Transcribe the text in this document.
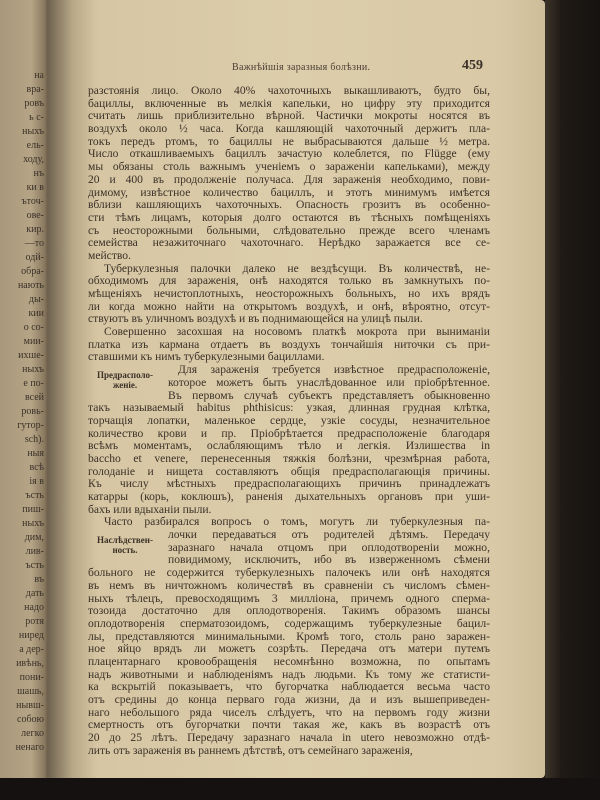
на
вра-
ровъ
ь с-
ныхъ
ель-
ходу,
нъ
ки в
ъточ-
ове-
кир.
—то
одй-
обра-
нають
ды-
кии
о со-
мии-
ихше-
ныхъ
е по-
всей
ровь-
гутор-
sch).
ныя
всѣ
ія в
ъсть
пиш-
ныхъ
дим,
лив-
ъсть
въ
дать
надо
ротя
ниред
а дер-
ивѣнь,
пони-
шашь,
нывш-
собою
легко
ненаго
Важнѣйшія заразныя болѣзни.	459
разстоянія лицо. Около 40% чахоточныхъ выкашливаютъ, будто бы,
бациллы, включенные въ мелкія капельки, но цифру эту приходится
считать лишь приблизительно вѣрной. Частички мокроты носятся въ
воздухѣ около ½ часа. Когда кашляющій чахоточный держитъ пла-
токъ передъ ртомъ, то бациллы не выбрасываются дальше ½ метра.
Число откашливаемыхъ бациллъ зачастую колеблется, по Flügge (ему
мы обязаны столь важнымъ ученіемъ о зараженіи капельками), между
20 и 400 въ продолженіе получаса. Для зараженія необходимо, пови-
димому, извѣстное количество бациллъ, и этотъ минимумъ имѣется
вблизи кашляющихъ чахоточныхъ. Опасность грозитъ въ особенно-
сти тѣмъ лицамъ, которыя долго остаются въ тѣсныхъ помѣщеніяхъ
съ неосторожными больными, слѣдовательно прежде всего членамъ
семейства незажиточнаго чахоточнаго. Нерѣдко заражается все се-
мейство.
Туберкулезныя палочки далеко не вездѣсущи. Въ количествѣ, не-
обходимомъ для зараженія, онѣ находятся только въ замкнутыхъ по-
мѣщеніяхъ нечистоплотныхъ, неосторожныхъ больныхъ, но ихъ врядъ
ли когда можно найти на открытомъ воздухѣ, и онѣ, вѣроятно, отсут-
ствуютъ въ уличномъ воздухѣ и въ поднимающейся на улицѣ пыли.
Совершенно засохшая на носовомъ платкѣ мокрота при выниманіи
платка изъ кармана отдаетъ въ воздухъ тончайшія ниточки съ при-
ставшими къ нимъ туберкулезными бациллами.
Для зараженія требуется извѣстное предрасположеніе,
которое можетъ быть унаслѣдованное или пріобрѣтенное.
Въ первомъ случаѣ субъектъ представляетъ обыкновенно
такъ называемый habitus phthisicus: узкая, длинная грудная клѣтка,
торчащія лопатки, маленькое сердце, узкіе сосуды, незначительное
количество крови и пр. Пріобрѣтается предрасположеніе благодаря
всѣмъ моментамъ, ослабляющимъ тѣло и легкія. Излишества in
baccho et venere, перенесенныя тяжкія болѣзни, чрезмѣрная работа,
голоданіе и нищета составляютъ общія предрасполагающія причины.
Къ числу мѣстныхъ предрасполагающихъ причинъ принадлежатъ
катарры (корь, коклюшъ), раненія дыхательныхъ органовъ при уши-
бахъ или вдыханіи пыли.
Часто разбирался вопросъ о томъ, могутъ ли туберкулезныя па-
лочки передаваться отъ родителей дѣтямъ. Передачу
заразнаго начала отцомъ при оплодотвореніи можно,
повидимому, исключить, ибо въ изверженномъ сѣмени
больного не содержится туберкулезныхъ палочекъ или онѣ находятся
въ немъ въ ничтожномъ количествѣ въ сравненіи съ числомъ сѣмен-
ныхъ тѣлецъ, превосходящимъ 3 милліона, причемъ одного сперма-
тозоида достаточно для оплодотворенія. Такимъ образомъ шансы
оплодотворенія сперматозоидомъ, содержащимъ туберкулезные бацил-
лы, представляются минимальными. Кромѣ того, столь рано заражен-
ное яйцо врядъ ли можетъ созрѣть. Передача отъ матери путемъ
плацентарнаго кровообращенія несомнѣнно возможна, по опытамъ
надъ животными и наблюденіямъ надъ людьми. Къ тому же статисти-
ка вскрытій показываетъ, что бугорчатка наблюдается весьма часто
отъ средины до конца перваго года жизни, да и изъ вышеприведен-
наго небольшого ряда чиселъ слѣдуетъ, что на первомъ году жизни
смертность отъ бугорчатки почти такая же, какъ въ возрастѣ отъ
20 до 25 лѣтъ. Передачу заразнаго начала in utero невозможно отдѣ-
лить отъ зараженія въ раннемъ дѣтствѣ, отъ семейнаго зараженія,
Предрасполо-
женіе.
Наслѣдствен-
ность.
